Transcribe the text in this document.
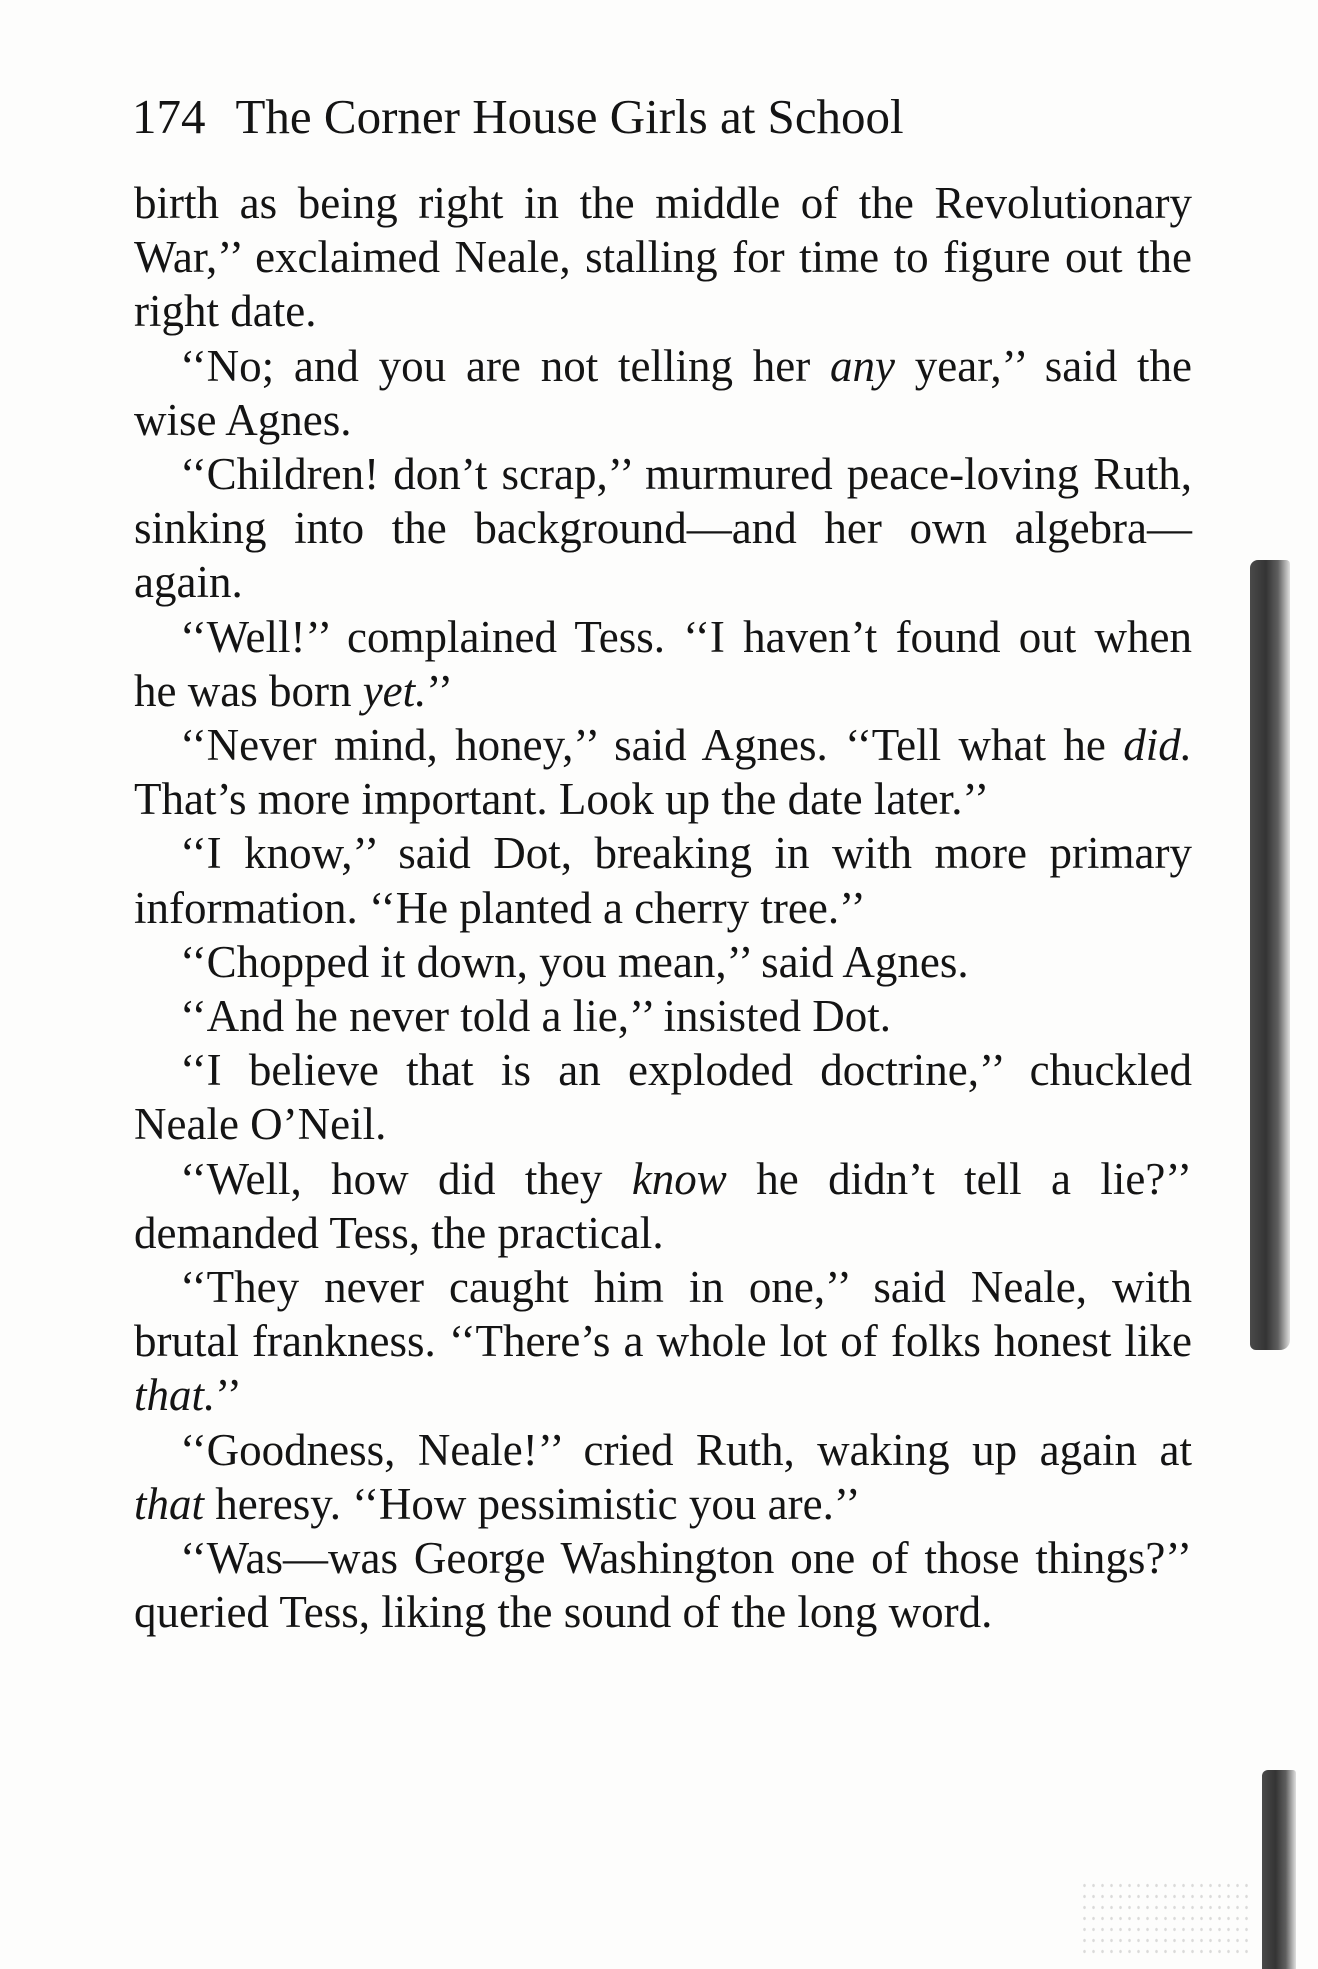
174 The Corner House Girls at School

birth as being right in the middle of the Revolutionary War,’’ exclaimed Neale, stalling for time to figure out the right date.

‘‘No; and you are not telling her any year,’’ said the wise Agnes.

‘‘Children! don’t scrap,’’ murmured peace-loving Ruth, sinking into the background—and her own algebra—again.

‘‘Well!’’ complained Tess. ‘‘I haven’t found out when he was born yet.’’

‘‘Never mind, honey,’’ said Agnes. ‘‘Tell what he did. That’s more important. Look up the date later.’’

‘‘I know,’’ said Dot, breaking in with more primary information. ‘‘He planted a cherry tree.’’

‘‘Chopped it down, you mean,’’ said Agnes.

‘‘And he never told a lie,’’ insisted Dot.

‘‘I believe that is an exploded doctrine,’’ chuckled Neale O’Neil.

‘‘Well, how did they know he didn’t tell a lie?’’ demanded Tess, the practical.

‘‘They never caught him in one,’’ said Neale, with brutal frankness. ‘‘There’s a whole lot of folks honest like that.’’

‘‘Goodness, Neale!’’ cried Ruth, waking up again at that heresy. ‘‘How pessimistic you are.’’

‘‘Was—was George Washington one of those things?’’ queried Tess, liking the sound of the long word.
